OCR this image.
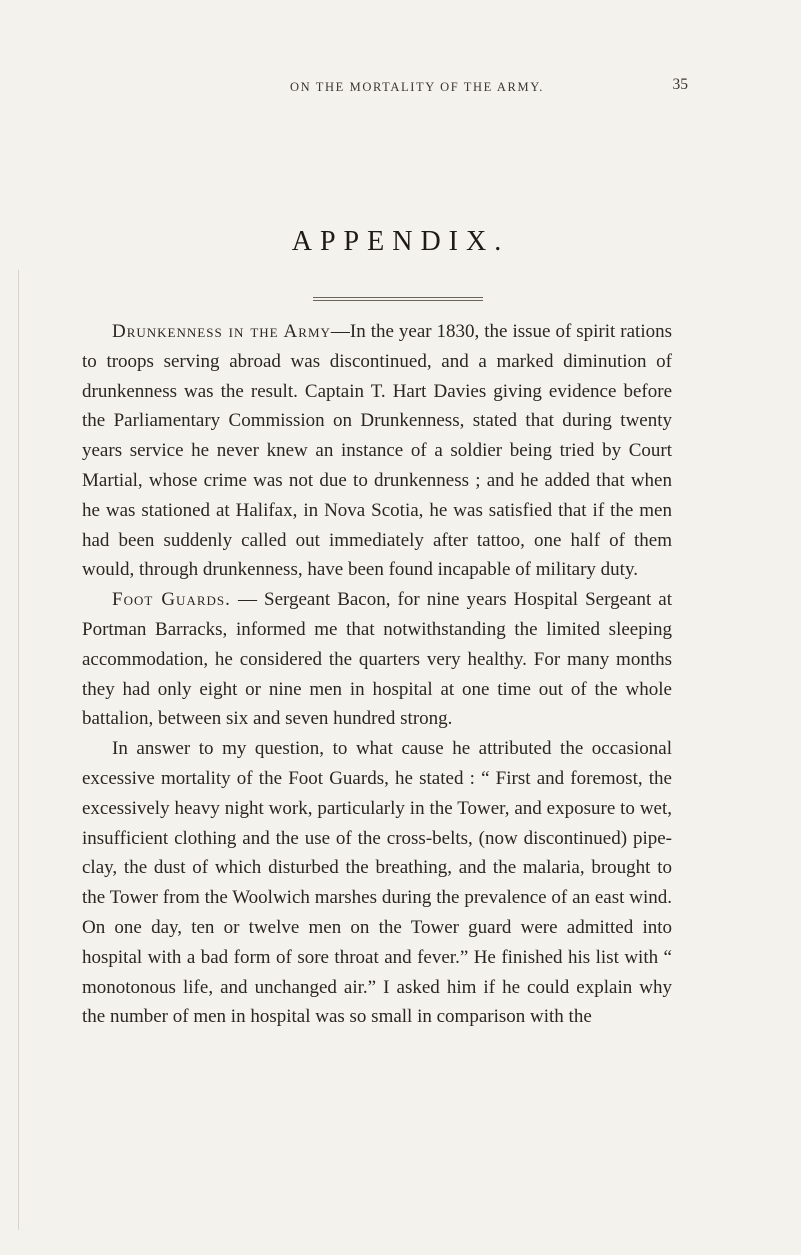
ON THE MORTALITY OF THE ARMY.	35
APPENDIX.

Drunkenness in the Army—In the year 1830, the issue of spirit rations to troops serving abroad was discontinued, and a marked diminution of drunkenness was the result. Captain T. Hart Davies giving evidence before the Parliamentary Commission on Drunkenness, stated that during twenty years service he never knew an instance of a soldier being tried by Court Martial, whose crime was not due to drunkenness ; and he added that when he was stationed at Halifax, in Nova Scotia, he was satisfied that if the men had been suddenly called out immediately after tattoo, one half of them would, through drunkenness, have been found incapable of military duty.

Foot Guards. — Sergeant Bacon, for nine years Hospital Sergeant at Portman Barracks, informed me that notwithstanding the limited sleeping accommodation, he considered the quarters very healthy. For many months they had only eight or nine men in hospital at one time out of the whole battalion, between six and seven hundred strong.

In answer to my question, to what cause he attributed the occasional excessive mortality of the Foot Guards, he stated : “ First and foremost, the excessively heavy night work, particularly in the Tower, and exposure to wet, insufficient clothing and the use of the cross-belts, (now discontinued) pipe-clay, the dust of which disturbed the breathing, and the malaria, brought to the Tower from the Woolwich marshes during the prevalence of an east wind. On one day, ten or twelve men on the Tower guard were admitted into hospital with a bad form of sore throat and fever.” He finished his list with “ monotonous life, and unchanged air.” I asked him if he could explain why the number of men in hospital was so small in comparison with the
